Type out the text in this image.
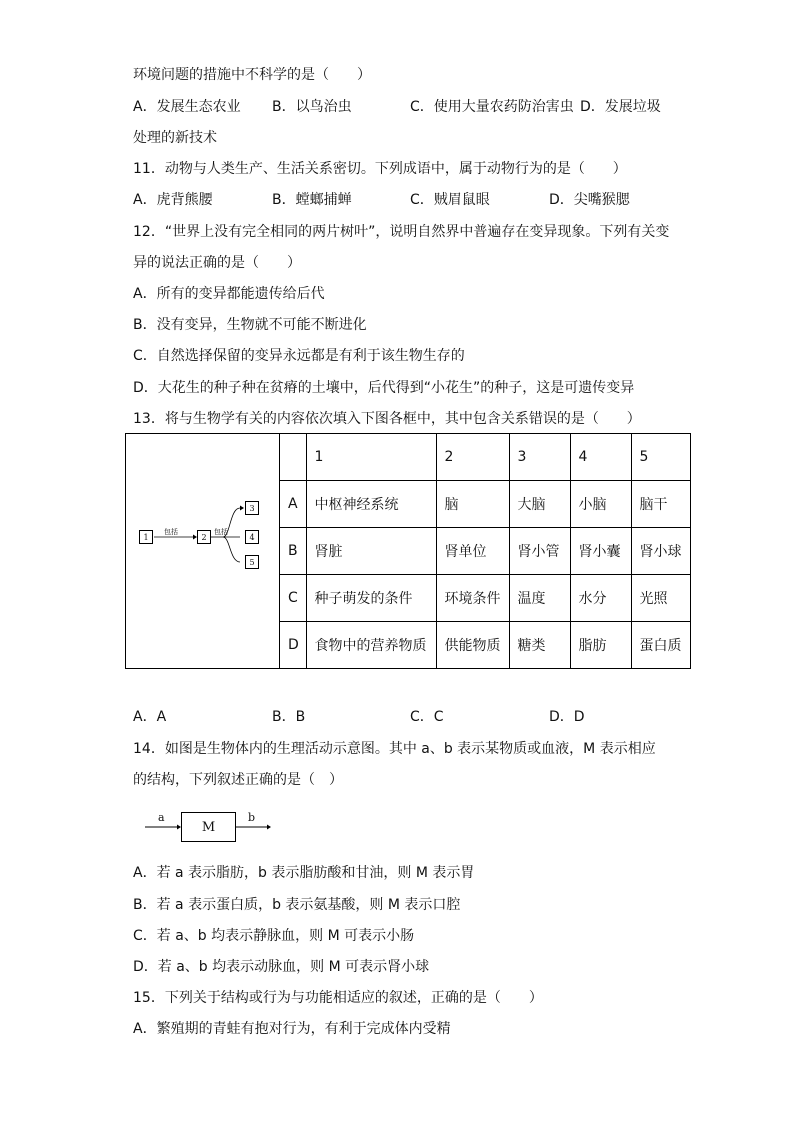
环境问题的措施中不科学的是（　　）
A．发展生态农业 B．以鸟治虫	C．使用大量农药防治害虫 D．发展垃圾
处理的新技术
11．动物与人类生产、生活关系密切。下列成语中，属于动物行为的是（　　）
A．虎背熊腰	B．螳螂捕蝉	C．贼眉鼠眼	D．尖嘴猴腮
12．“世界上没有完全相同的两片树叶”，说明自然界中普遍存在变异现象。下列有关变
异的说法正确的是（　　）
A．所有的变异都能遗传给后代
B．没有变异，生物就不可能不断进化
C．自然选择保留的变异永远都是有利于该生物生存的
D．大花生的种子种在贫瘠的土壤中，后代得到“小花生”的种子，这是可遗传变异
13．将与生物学有关的内容依次填入下图各框中，其中包含关系错误的是（　　）
1
包括
2
包括
3
4
5
	1	2	3	4	5
A	中枢神经系统	脑	大脑	小脑	脑干
B	肾脏	肾单位	肾小管	肾小囊	肾小球
C	种子萌发的条件	环境条件	温度	水分	光照
D	食物中的营养物质	供能物质	糖类	脂肪	蛋白质
A．A	B．B	C．C	D．D
14．如图是生物体内的生理活动示意图。其中 a、b 表示某物质或血液，M 表示相应
的结构，下列叙述正确的是（　）
a
M
b
A．若 a 表示脂肪，b 表示脂肪酸和甘油，则 M 表示胃
B．若 a 表示蛋白质，b 表示氨基酸，则 M 表示口腔
C．若 a、b 均表示静脉血，则 M 可表示小肠
D．若 a、b 均表示动脉血，则 M 可表示肾小球
15．下列关于结构或行为与功能相适应的叙述，正确的是（　　）
A．繁殖期的青蛙有抱对行为，有利于完成体内受精
